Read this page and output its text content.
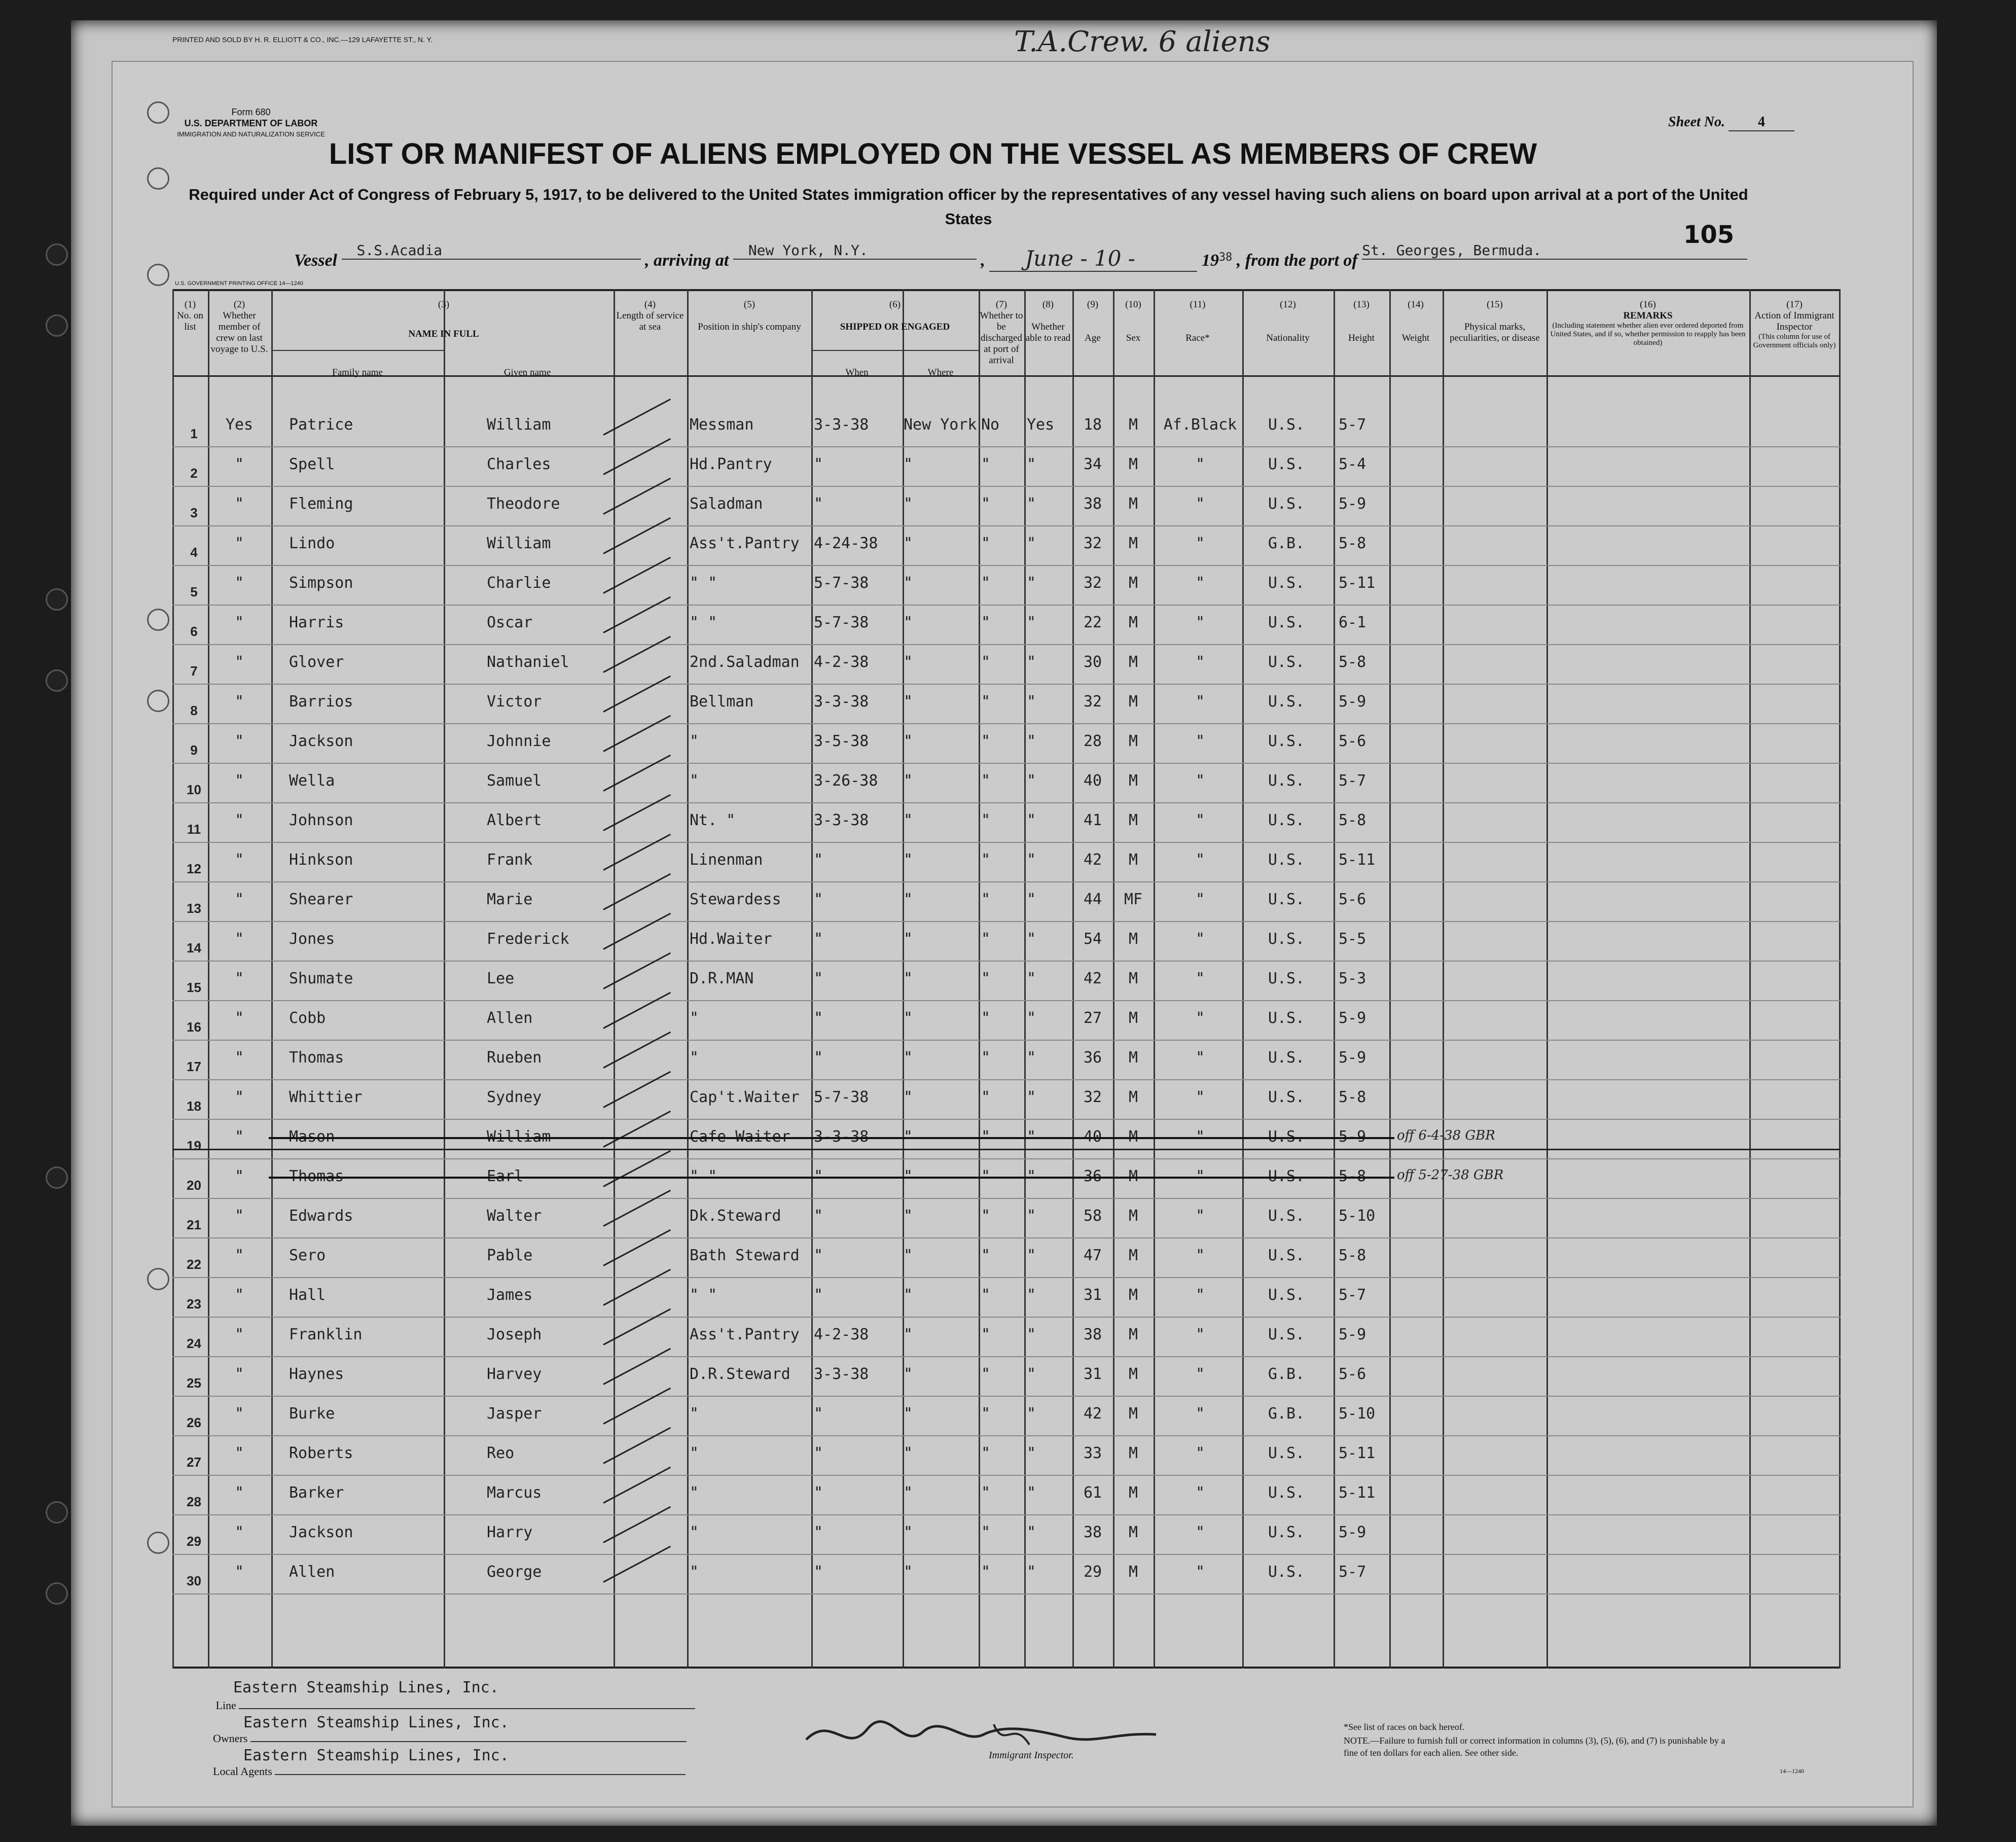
PRINTED AND SOLD BY H. R. ELLIOTT & CO., INC.—129 LAFAYETTE ST., N. Y.	T.A.Crew. 6 aliens
Form 680
U.S. DEPARTMENT OF LABOR
IMMIGRATION AND NATURALIZATION SERVICE
Sheet No. 4
LIST OR MANIFEST OF ALIENS EMPLOYED ON THE VESSEL AS MEMBERS OF CREW
Required under Act of Congress of February 5, 1917, to be delivered to the United States immigration officer by the representatives of any vessel having such aliens on board upon arrival at a port of the United States
105
Vessel S.S.Acadia , arriving at New York, N.Y. , June - 10 -	$19^{38}$ , from the port of St. Georges, Bermuda.
U.S. GOVERNMENT PRINTING OFFICE 14—1240
(1)
No. on list
(2)
Whether member of crew on last voyage to U.S.
(3)
NAME IN FULL
Family name	Given name
(4)
Length of service at sea
(5)
Position in ship's company
(6)
SHIPPED OR ENGAGED
When	Where
(7)
Whether to be discharged at port of arrival
(8)
Whether able to read
(9)
Age
(10)
Sex
(11)
Race*
(12)
Nationality
(13)
Height
(14)
Weight
(15)
Physical marks, peculiarities, or disease
(16)
REMARKS
(Including statement whether alien ever ordered deported from United States, and if so, whether permission to reapply has been obtained)
(17)
Action of Immigrant Inspector
(This column for use of Government officials only)
1	Yes	Patrice	William	Messman	3-3-38	New York No	Yes	18	M	Af.Black	U.S.	5-7
2	"	Spell	Charles	Hd.Pantry	"	"	"	"	34	M	"	U.S.	5-4
3	"	Fleming	Theodore	Saladman	"	"	"	"	38	M	"	U.S.	5-9
4	"	Lindo	William	Ass't.Pantry 4-24-38	"	"	"	32	M	"	G.B.	5-8
5	"	Simpson	Charlie	" "	5-7-38	"	"	"	32	M	"	U.S.	5-11
6	"	Harris	Oscar	" "	5-7-38	"	"	"	22	M	"	U.S.	6-1
7	"	Glover	Nathaniel	2nd.Saladman 4-2-38	"	"	"	30	M	"	U.S.	5-8
8	"	Barrios	Victor	Bellman	3-3-38	"	"	"	32	M	"	U.S.	5-9
9	"	Jackson	Johnnie	"	3-5-38	"	"	"	28	M	"	U.S.	5-6
10	"	Wella	Samuel	"	3-26-38	"	"	"	40	M	"	U.S.	5-7
11	"	Johnson	Albert	Nt. "	3-3-38	"	"	"	41	M	"	U.S.	5-8
12	"	Hinkson	Frank	Linenman	"	"	"	"	42	M	"	U.S.	5-11
13	"	Shearer	Marie	Stewardess	"	"	"	"	44	MF	"	U.S.	5-6
14	"	Jones	Frederick	Hd.Waiter	"	"	"	"	54	M	"	U.S.	5-5
15	"	Shumate	Lee	D.R.MAN	"	"	"	"	42	M	"	U.S.	5-3
16	"	Cobb	Allen	"	"	"	"	"	27	M	"	U.S.	5-9
17	"	Thomas	Rueben	"	"	"	"	"	36	M	"	U.S.	5-9
18	"	Whittier	Sydney	Cap't.Waiter 5-7-38	"	"	"	32	M	"	U.S.	5-8
19	"	off 6-4-38 GBR
20	"	off 5-27-38 GBR
21	"	Edwards	Walter	Dk.Steward	"	"	"	"	58	M	"	U.S.	5-10
22	"	Sero	Pable	Bath Steward "	"	"	"	47	M	"	U.S.	5-8
23	"	Hall	James	" "	"	"	"	"	31	M	"	U.S.	5-7
24	"	Franklin	Joseph	Ass't.Pantry 4-2-38	"	"	"	38	M	"	U.S.	5-9
25	"	Haynes	Harvey	D.R.Steward	3-3-38	"	"	"	31	M	"	G.B.	5-6
26	"	Burke	Jasper	"	"	"	"	"	42	M	"	G.B.	5-10
27	"	Roberts	Reo	"	"	"	"	"	33	M	"	U.S.	5-11
28	"	Barker	Marcus	"	"	"	"	"	61	M	"	U.S.	5-11
29	"	Jackson	Harry	"	"	"	"	"	38	M	"	U.S.	5-9
30	"	Allen	George	"	"	"	"	"	29	M	"	U.S.	5-7

Eastern Steamship Lines, Inc.
Line
Eastern Steamship Lines, Inc.
Owners
Eastern Steamship Lines, Inc.
Local Agents
Immigrant Inspector.
*See list of races on back hereof.
NOTE.—Failure to furnish full or correct information in columns (3), (5), (6), and (7) is punishable by a fine of ten dollars for each alien. See other side.
14—1240
